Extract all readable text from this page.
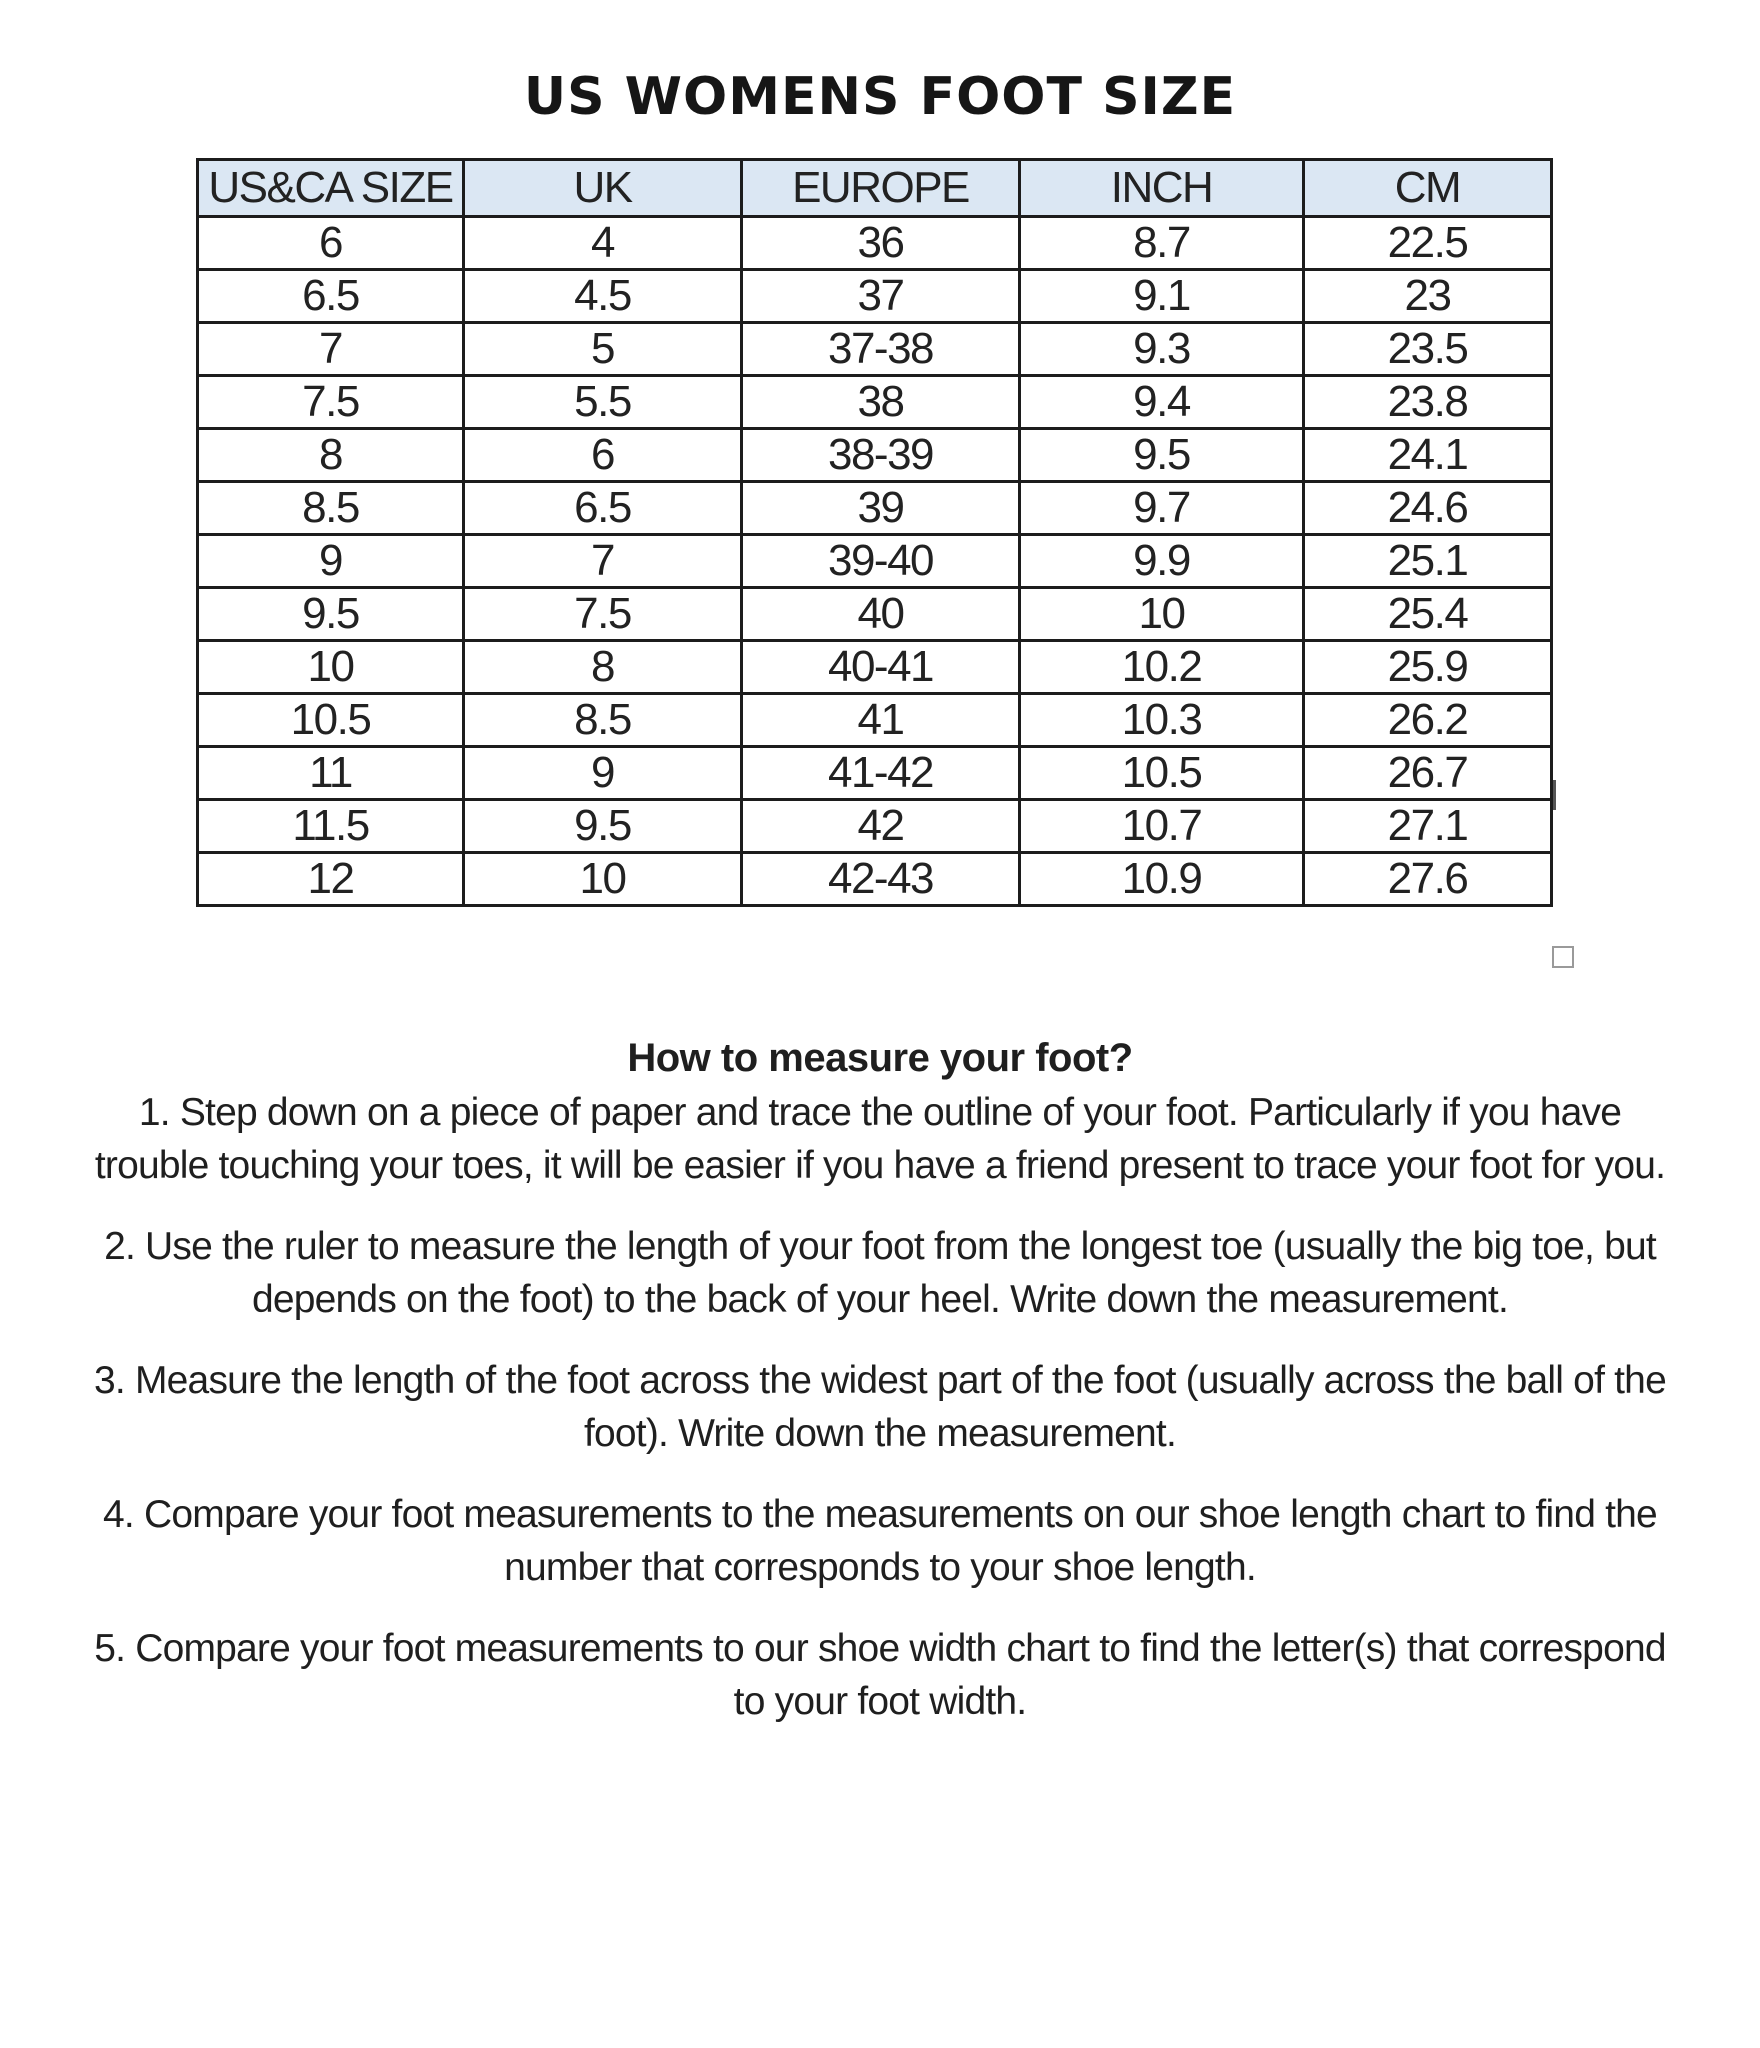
US WOMENS FOOT SIZE
US&CA SIZE	UK	EUROPE	INCH	CM
6	4	36	8.7	22.5
6.5	4.5	37	9.1	23
7	5	37-38	9.3	23.5
7.5	5.5	38	9.4	23.8
8	6	38-39	9.5	24.1
8.5	6.5	39	9.7	24.6
9	7	39-40	9.9	25.1
9.5	7.5	40	10	25.4
10	8	40-41	10.2	25.9
10.5	8.5	41	10.3	26.2
11	9	41-42	10.5	26.7
11.5	9.5	42	10.7	27.1
12	10	42-43	10.9	27.6

How to measure your foot?

1. Step down on a piece of paper and trace the outline of your foot. Particularly if you have trouble touching your toes, it will be easier if you have a friend present to trace your foot for you.

2. Use the ruler to measure the length of your foot from the longest toe (usually the big toe, but depends on the foot) to the back of your heel. Write down the measurement.

3. Measure the length of the foot across the widest part of the foot (usually across the ball of the foot). Write down the measurement.

4. Compare your foot measurements to the measurements on our shoe length chart to find the number that corresponds to your shoe length.

5. Compare your foot measurements to our shoe width chart to find the letter(s) that correspond to your foot width.
